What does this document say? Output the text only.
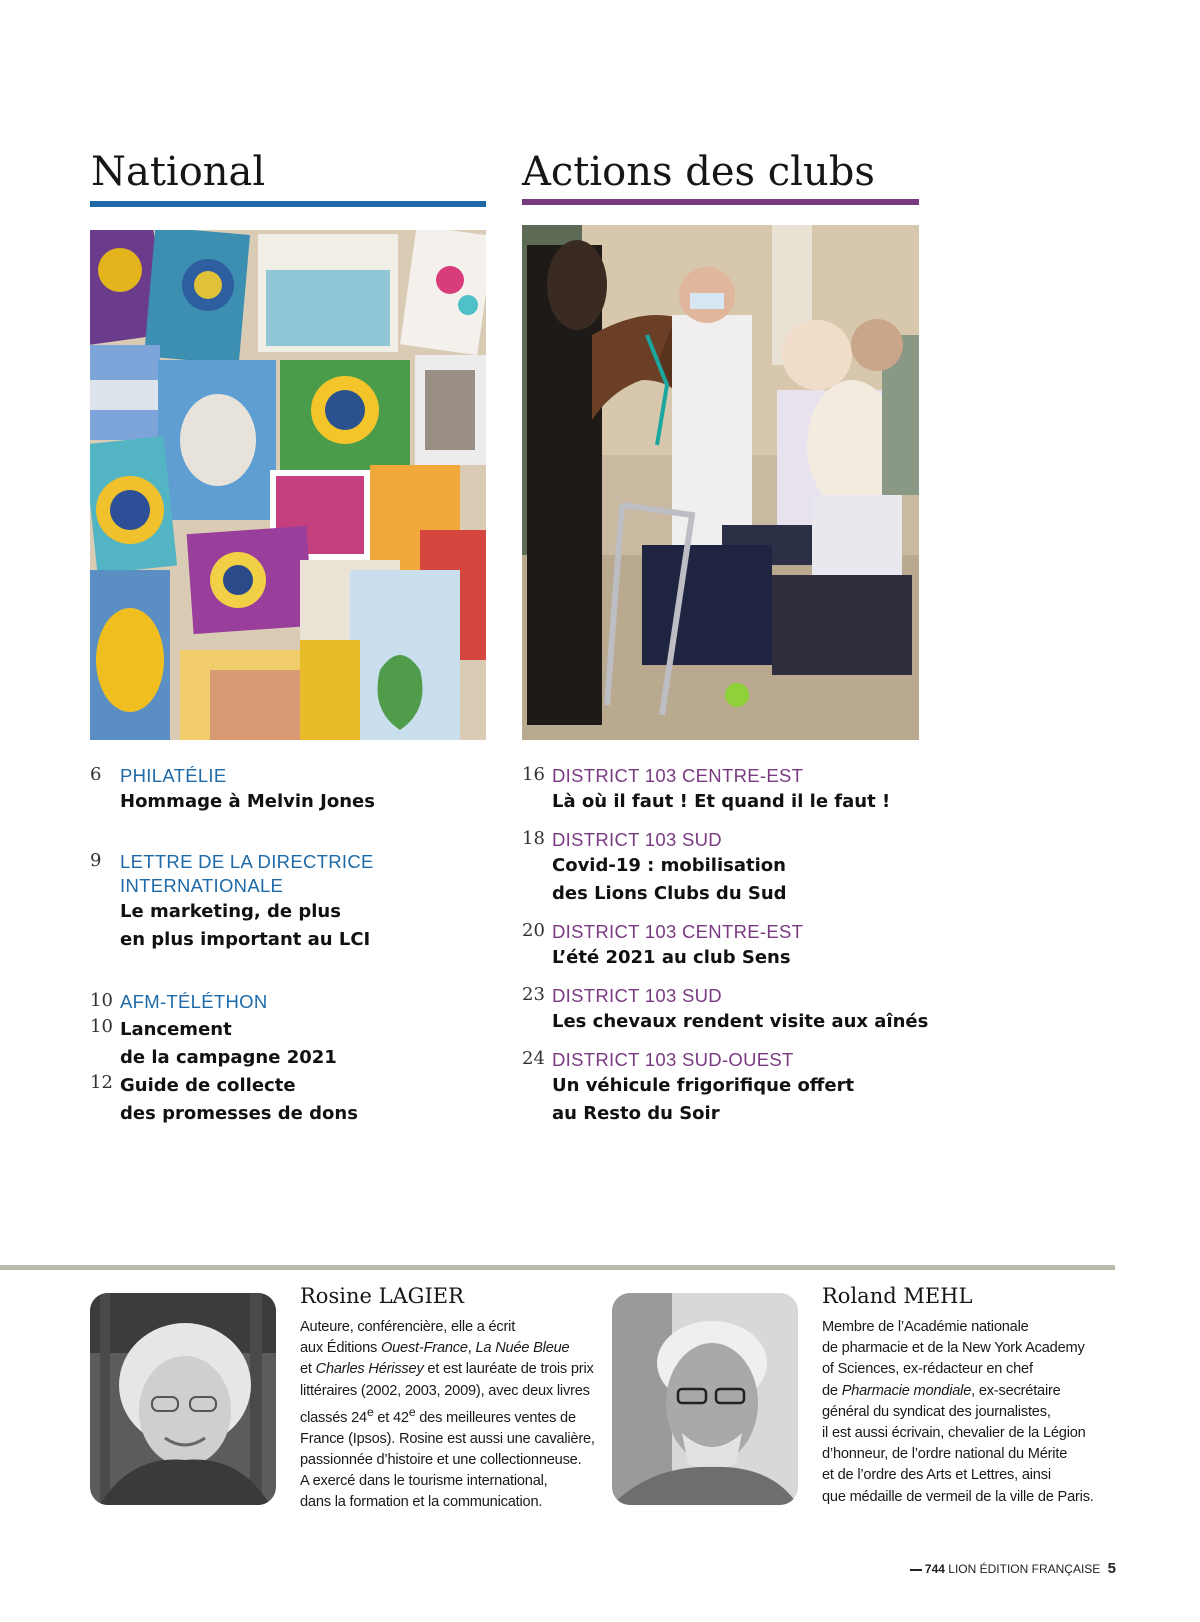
National
6 PHILATÉLIE
Hommage à Melvin Jones
9 LETTRE DE LA DIRECTRICE
INTERNATIONALE
Le marketing, de plus
en plus important au LCI
10 AFM-TÉLÉTHON
10 Lancement
de la campagne 2021
12 Guide de collecte
des promesses de dons
Actions des clubs
16 DISTRICT 103 CENTRE-EST
Là où il faut ! Et quand il le faut !
18 DISTRICT 103 SUD
Covid-19 : mobilisation
des Lions Clubs du Sud
20 DISTRICT 103 CENTRE-EST
L’été 2021 au club Sens
23 DISTRICT 103 SUD
Les chevaux rendent visite aux aînés
24 DISTRICT 103 SUD-OUEST
Un véhicule frigorifique offert
au Resto du Soir
Rosine LAGIER
Auteure, conférencière, elle a écrit
aux Éditions Ouest-France, La Nuée Bleue
et Charles Hérissey et est lauréate de trois prix
littéraires (2002, 2003, 2009), avec deux livres
classés 24e et 42e des meilleures ventes de
France (Ipsos). Rosine est aussi une cavalière,
passionnée d’histoire et une collectionneuse.
A exercé dans le tourisme international,
dans la formation et la communication.
Roland MEHL
Membre de l’Académie nationale
de pharmacie et de la New York Academy
of Sciences, ex-rédacteur en chef
de Pharmacie mondiale, ex-secrétaire
général du syndicat des journalistes,
il est aussi écrivain, chevalier de la Légion
d’honneur, de l’ordre national du Mérite
et de l’ordre des Arts et Lettres, ainsi
que médaille de vermeil de la ville de Paris.
744 LION ÉDITION FRANÇAISE 5
